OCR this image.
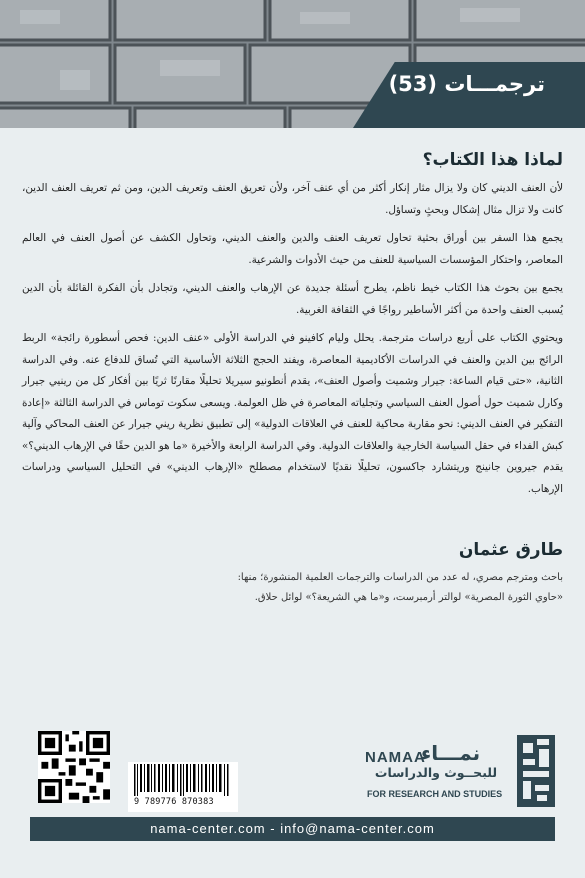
ترجمـــات (53)
لماذا هذا الكتاب؟

لأن العنف الديني كان ولا يزال مثار إنكار أكثر من أي عنف آخر، ولأن تعريق العنف وتعريف الدين، ومن ثم تعريف العنف الدين، كانت ولا تزال مثال إشكال وبحثٍ وتساؤل.

يجمع هذا السفر بين أوراق بحثية تحاول تعريف العنف والدين والعنف الديني، وتحاول الكشف عن أصول العنف في العالم المعاصر، واحتكار المؤسسات السياسية للعنف من حيث الأدوات والشرعية.

يجمع بين بحوث هذا الكتاب خيط ناظم، يطرح أسئلة جديدة عن الإرهاب والعنف الديني، وتجادل بأن الفكرة القائلة بأن الدين يُسبب العنف واحدة من أكثر الأساطير رواجًا في الثقافة الغربية.

ويحتوي الكتاب على أربع دراسات مترجمة. يحلل وليام كافينو في الدراسة الأولى «عنف الدين: فحص أسطورة رائجة» الربط الرائج بين الدين والعنف في الدراسات الأكاديمية المعاصرة، ويفند الحجج الثلاثة الأساسية التي تُساق للدفاع عنه. وفي الدراسة الثانية، «حتى قيام الساعة: جيرار وشميت وأصول العنف»، يقدم أنطونيو سيريلا تحليلًا مقارنًا ثريًا بين أفكار كل من رينيي جيرار وكارل شميت حول أصول العنف السياسي وتجلياته المعاصرة في ظل العولمة. ويسعى سكوت توماس في الدراسة الثالثة «إعادة التفكير في العنف الديني: نحو مقاربة محاكية للعنف في العلاقات الدولية» إلى تطبيق نظرية ريني جيرار عن العنف المحاكي وآلية كبش الفداء في حقل السياسة الخارجية والعلاقات الدولية. وفي الدراسة الرابعة والأخيرة «ما هو الدين حقًا في الإرهاب الديني؟» يقدم جيروين جانينج وريتشارد جاكسون، تحليلًا نقديًا لاستخدام مصطلح «الإرهاب الديني» في التحليل السياسي ودراسات الإرهاب.

طارق عثمان
باحث ومترجم مصري، له عدد من الدراسات والترجمات العلمية المنشورة؛ منها:
«حاوي الثورة المصرية» لوالتر أرمبرست، و«ما هي الشريعة؟» لوائل حلاق.
9 789776 870383
NAMAA
نمـــاء
للبحــوث والدراسات
FOR RESEARCH AND STUDIES
nama-center.com - info@nama-center.com
